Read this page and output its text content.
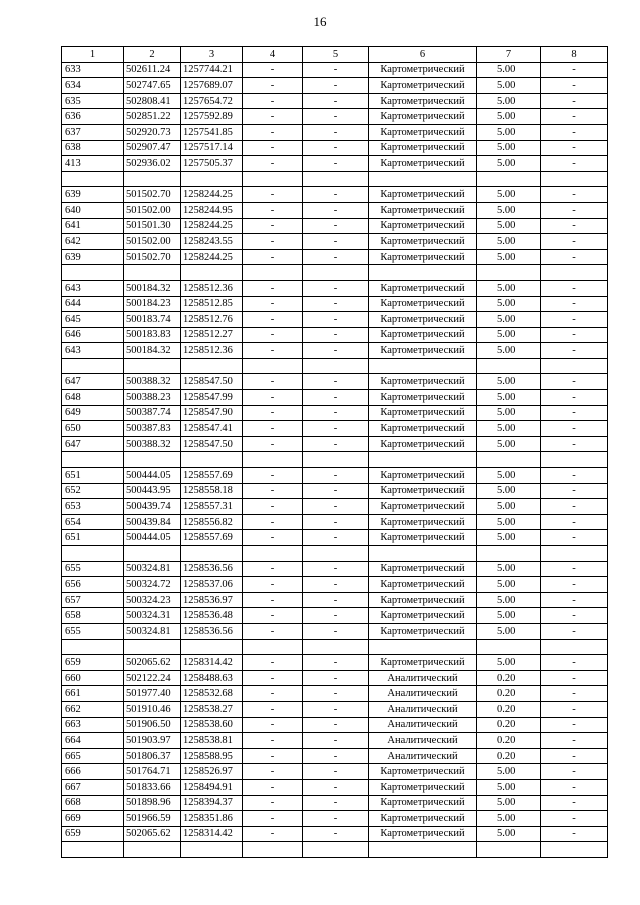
16
1	2	3	4	5	6	7	8
633	502611.24	1257744.21	-	-	Картометрический	5.00	-
634	502747.65	1257689.07	-	-	Картометрический	5.00	-
635	502808.41	1257654.72	-	-	Картометрический	5.00	-
636	502851.22	1257592.89	-	-	Картометрический	5.00	-
637	502920.73	1257541.85	-	-	Картометрический	5.00	-
638	502907.47	1257517.14	-	-	Картометрический	5.00	-
413	502936.02	1257505.37	-	-	Картометрический	5.00	-

639	501502.70	1258244.25	-	-	Картометрический	5.00	-
640	501502.00	1258244.95	-	-	Картометрический	5.00	-
641	501501.30	1258244.25	-	-	Картометрический	5.00	-
642	501502.00	1258243.55	-	-	Картометрический	5.00	-
639	501502.70	1258244.25	-	-	Картометрический	5.00	-

643	500184.32	1258512.36	-	-	Картометрический	5.00	-
644	500184.23	1258512.85	-	-	Картометрический	5.00	-
645	500183.74	1258512.76	-	-	Картометрический	5.00	-
646	500183.83	1258512.27	-	-	Картометрический	5.00	-
643	500184.32	1258512.36	-	-	Картометрический	5.00	-

647	500388.32	1258547.50	-	-	Картометрический	5.00	-
648	500388.23	1258547.99	-	-	Картометрический	5.00	-
649	500387.74	1258547.90	-	-	Картометрический	5.00	-
650	500387.83	1258547.41	-	-	Картометрический	5.00	-
647	500388.32	1258547.50	-	-	Картометрический	5.00	-

651	500444.05	1258557.69	-	-	Картометрический	5.00	-
652	500443.95	1258558.18	-	-	Картометрический	5.00	-
653	500439.74	1258557.31	-	-	Картометрический	5.00	-
654	500439.84	1258556.82	-	-	Картометрический	5.00	-
651	500444.05	1258557.69	-	-	Картометрический	5.00	-

655	500324.81	1258536.56	-	-	Картометрический	5.00	-
656	500324.72	1258537.06	-	-	Картометрический	5.00	-
657	500324.23	1258536.97	-	-	Картометрический	5.00	-
658	500324.31	1258536.48	-	-	Картометрический	5.00	-
655	500324.81	1258536.56	-	-	Картометрический	5.00	-

659	502065.62	1258314.42	-	-	Картометрический	5.00	-
660	502122.24	1258488.63	-	-	Аналитический	0.20	-
661	501977.40	1258532.68	-	-	Аналитический	0.20	-
662	501910.46	1258538.27	-	-	Аналитический	0.20	-
663	501906.50	1258538.60	-	-	Аналитический	0.20	-
664	501903.97	1258538.81	-	-	Аналитический	0.20	-
665	501806.37	1258588.95	-	-	Аналитический	0.20	-
666	501764.71	1258526.97	-	-	Картометрический	5.00	-
667	501833.66	1258494.91	-	-	Картометрический	5.00	-
668	501898.96	1258394.37	-	-	Картометрический	5.00	-
669	501966.59	1258351.86	-	-	Картометрический	5.00	-
659	502065.62	1258314.42	-	-	Картометрический	5.00	-
